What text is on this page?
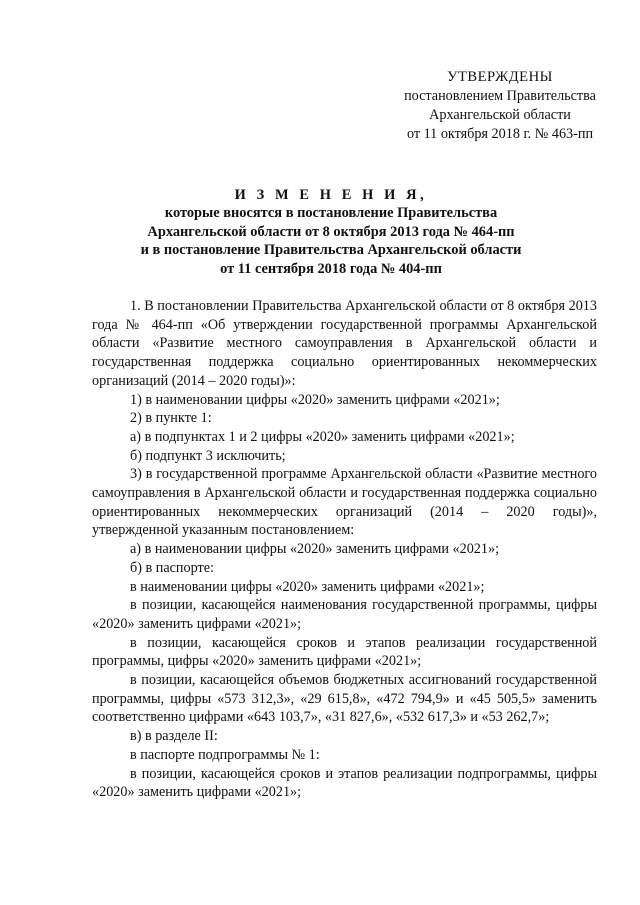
УТВЕРЖДЕНЫ
постановлением Правительства
Архангельской области
от 11 октября 2018 г. № 463-пп
И З М Е Н Е Н И Я,
которые вносятся в постановление Правительства
Архангельской области от 8 октября 2013 года № 464-пп
и в постановление Правительства Архангельской области
от 11 сентября 2018 года № 404-пп

1. В постановлении Правительства Архангельской области от 8 октября 2013 года № 464-пп «Об утверждении государственной программы Архангельской области «Развитие местного самоуправления в Архангельской области и государственная поддержка социально ориентированных некоммерческих организаций (2014 – 2020 годы)»:

1) в наименовании цифры «2020» заменить цифрами «2021»;

2) в пункте 1:

а) в подпунктах 1 и 2 цифры «2020» заменить цифрами «2021»;

б) подпункт 3 исключить;

3) в государственной программе Архангельской области «Развитие местного самоуправления в Архангельской области и государственная поддержка социально ориентированных некоммерческих организаций (2014 – 2020 годы)», утвержденной указанным постановлением:

а) в наименовании цифры «2020» заменить цифрами «2021»;

б) в паспорте:

в наименовании цифры «2020» заменить цифрами «2021»;

в позиции, касающейся наименования государственной программы, цифры «2020» заменить цифрами «2021»;

в позиции, касающейся сроков и этапов реализации государственной программы, цифры «2020» заменить цифрами «2021»;

в позиции, касающейся объемов бюджетных ассигнований государственной программы, цифры «573 312,3», «29 615,8», «472 794,9» и «45 505,5» заменить соответственно цифрами «643 103,7», «31 827,6», «532 617,3» и «53 262,7»;

в) в разделе II:

в паспорте подпрограммы № 1:

в позиции, касающейся сроков и этапов реализации подпрограммы, цифры «2020» заменить цифрами «2021»;
